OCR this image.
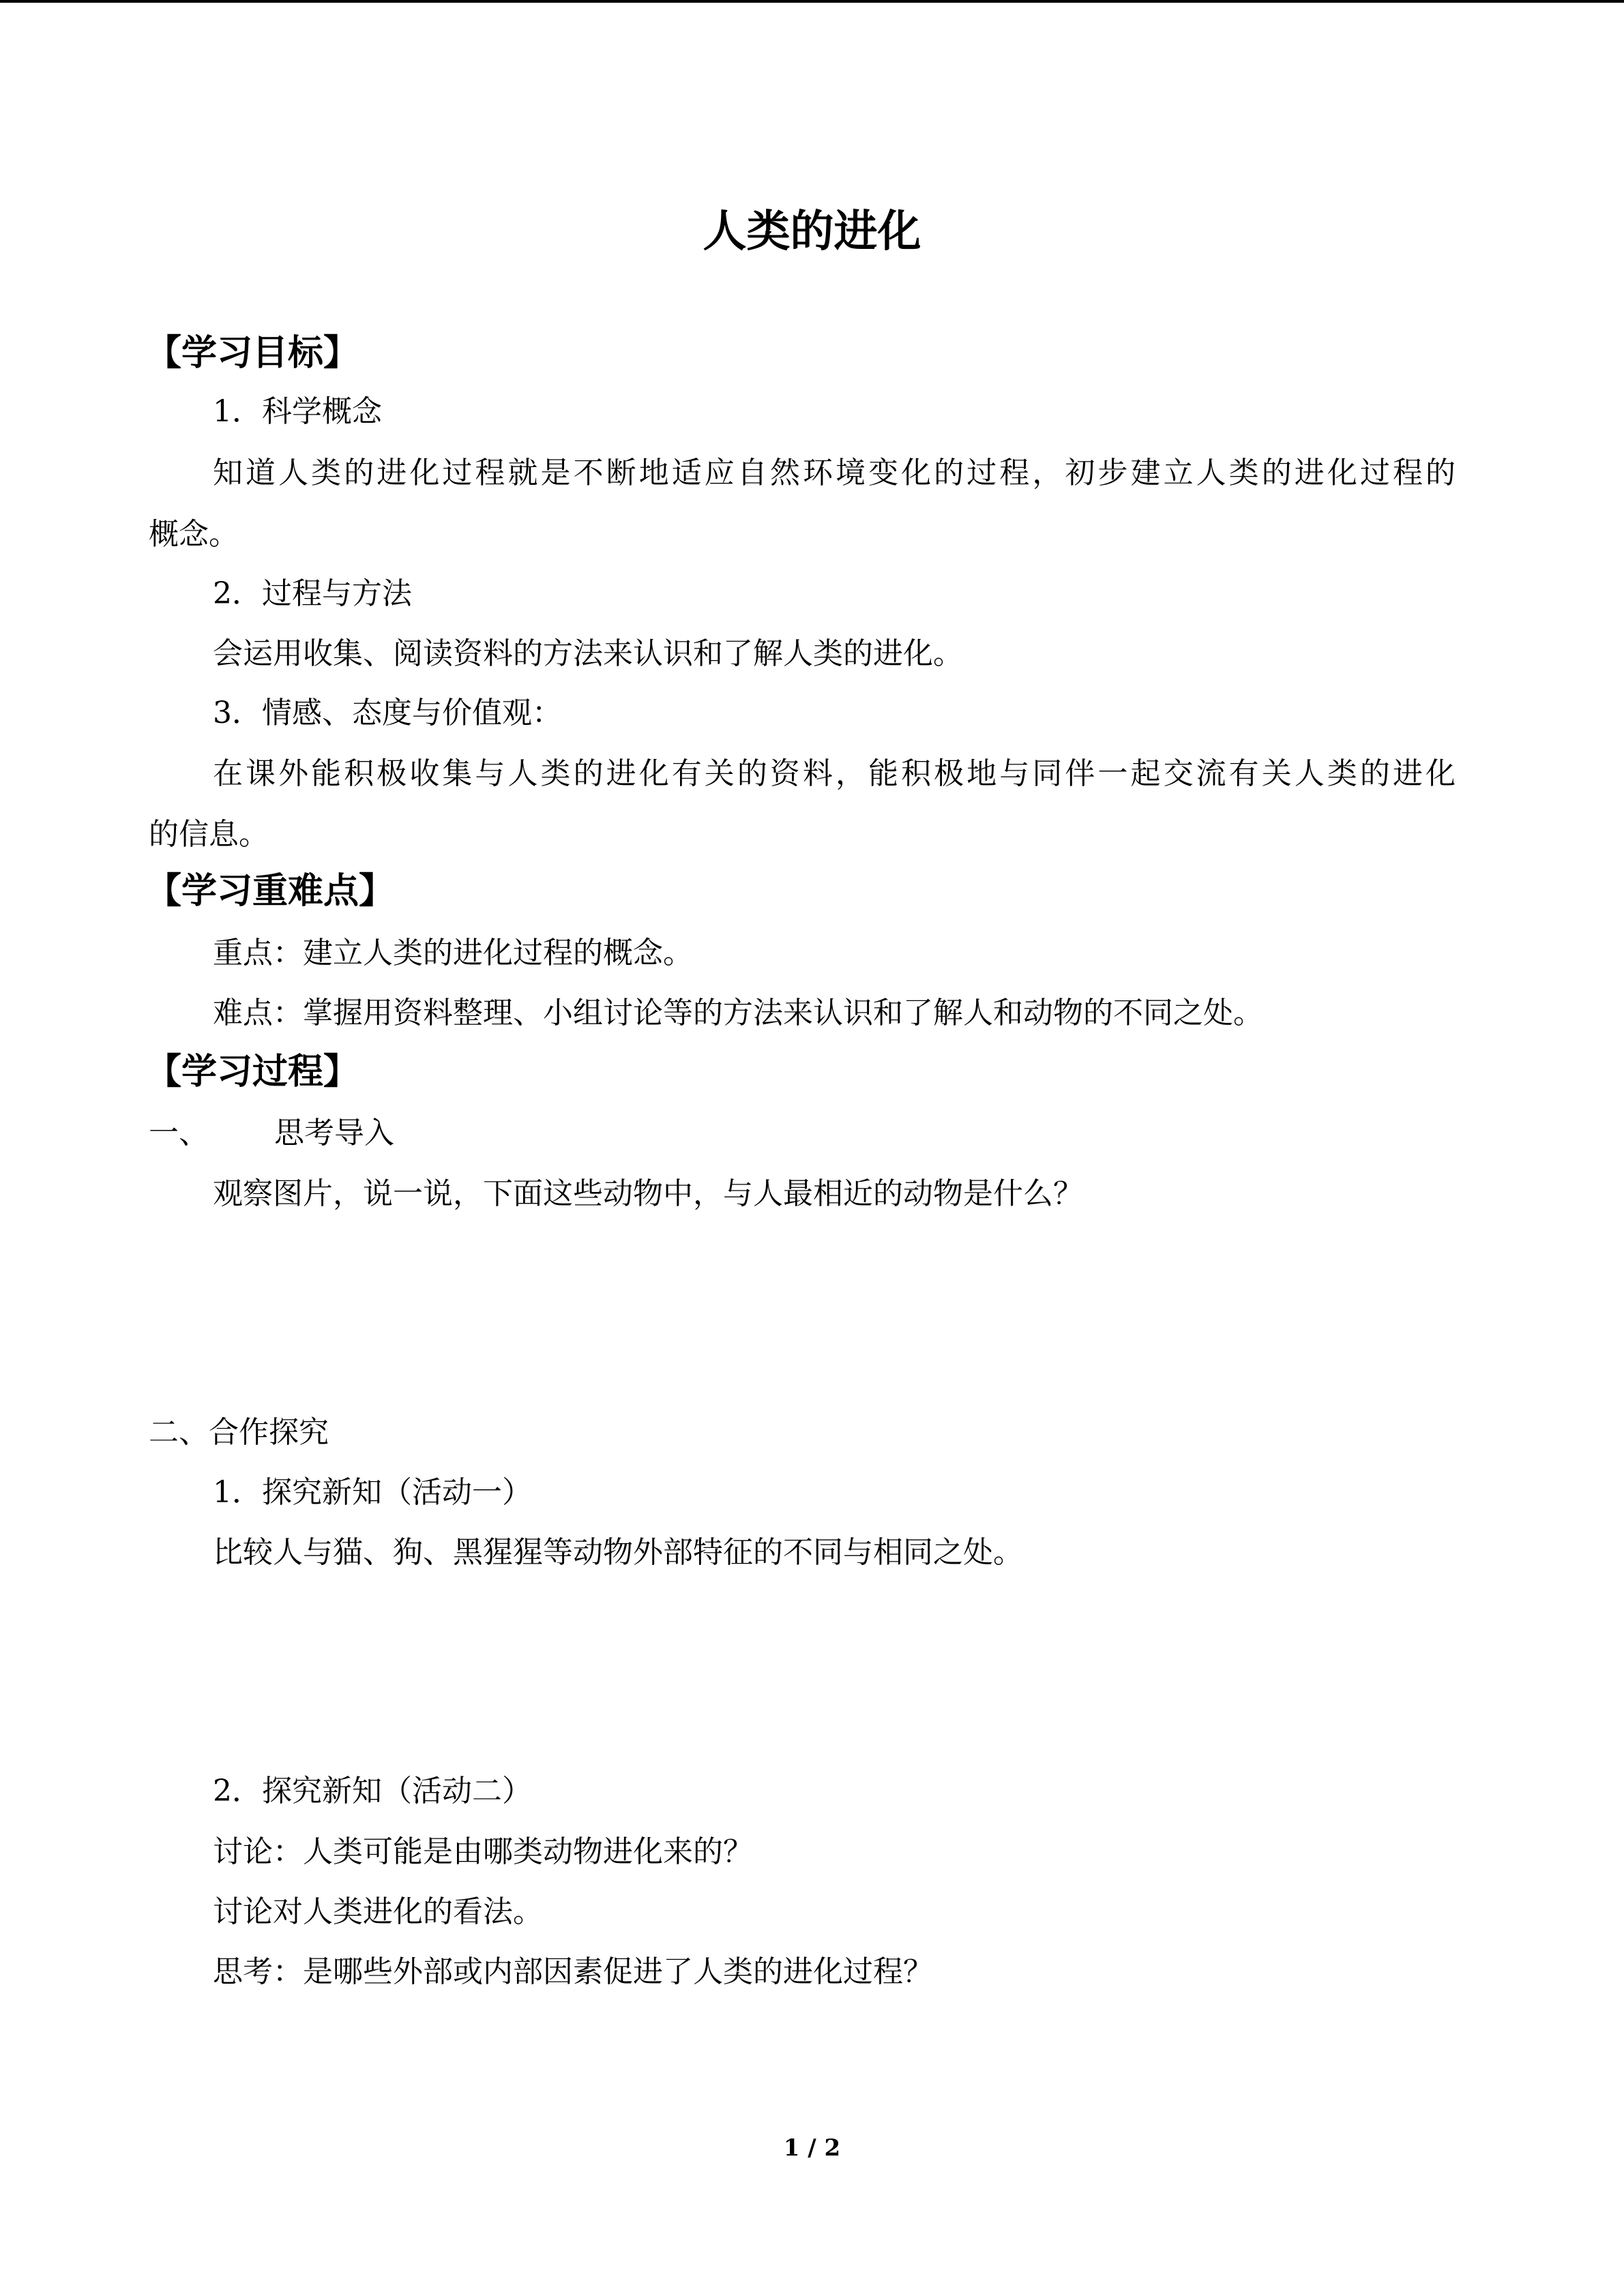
人类的进化
【学习目标】
1．科学概念
知道人类的进化过程就是不断地适应自然环境变化的过程，初步建立人类的进化过程的
概念。
2．过程与方法
会运用收集、阅读资料的方法来认识和了解人类的进化。
3．情感、态度与价值观：
在课外能积极收集与人类的进化有关的资料，能积极地与同伴一起交流有关人类的进化
的信息。
【学习重难点】
重点：建立人类的进化过程的概念。
难点：掌握用资料整理、小组讨论等的方法来认识和了解人和动物的不同之处。
【学习过程】
一、 思考导入
观察图片，说一说，下面这些动物中，与人最相近的动物是什么？
二、合作探究
1．探究新知（活动一）
比较人与猫、狗、黑猩猩等动物外部特征的不同与相同之处。
2．探究新知（活动二）
讨论：人类可能是由哪类动物进化来的？
讨论对人类进化的看法。
思考：是哪些外部或内部因素促进了人类的进化过程？
1 / 2
